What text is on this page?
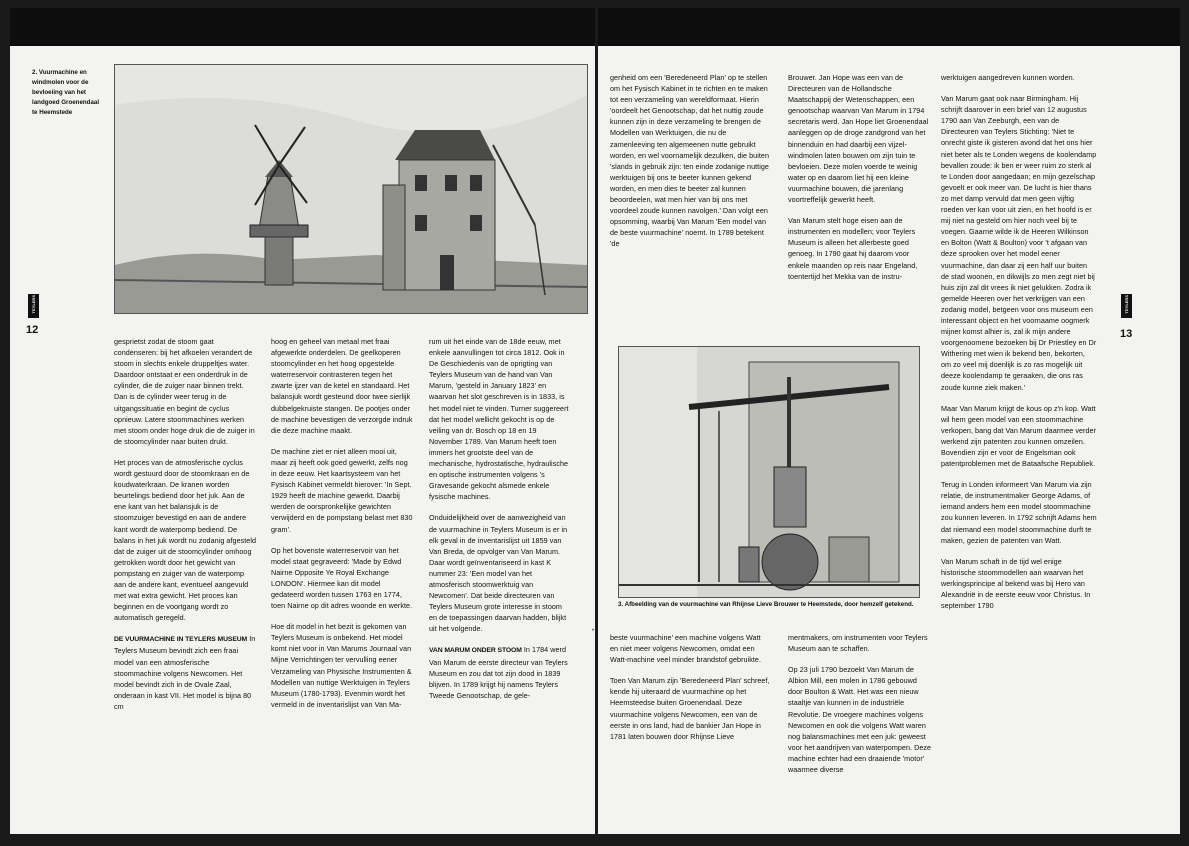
2. Vuurmachine en windmolen voor de bevloeiing van het landgoed Groenendaal te Heemstede
TEYLERS
12

gesprietst zodat de stoom gaat condenseren: bij het afkoelen verandert de stoom in slechts enkele druppeltjes water. Daardoor ontstaat er een onderdruk in de cylinder, die de zuiger naar binnen trekt. Dan is de cylinder weer terug in de uitgangssituatie en begint de cyclus opnieuw. Latere stoommachines werken met stoom onder hoge druk die de zuiger in de stoomcylinder naar buiten drukt.

Het proces van de atmosferische cyclus wordt gestuurd door de stoomkraan en de koudwaterkraan. De kranen worden beurtelings bediend door het juk. Aan de ene kant van het balansjuk is de stoomzuiger bevestigd en aan de andere kant wordt de waterpomp bediend. De balans in het juk wordt nu zodanig afgesteld dat de zuiger uit de stoomcylinder omhoog getrokken wordt door het gewicht van pompstang en zuiger van de waterpomp aan de andere kant, eventueel aangevuld met wat extra gewicht. Het proces kan beginnen en de voortgang wordt zo automatisch geregeld.

DE VUURMACHINE IN TEYLERS MUSEUM In Teylers Museum bevindt zich een fraai model van een atmosferische stoommachine volgens Newcomen. Het model bevindt zich in de Ovale Zaal, onderaan in kast VII. Het model is bijna 80 cm

hoog en geheel van metaal met fraai afgewerkte onderdelen. De geelkoperen stoomcylinder en het hoog opgestelde waterreservoir contrasteren tegen het zwarte ijzer van de ketel en standaard. Het balansjuk wordt gesteund door twee sierlijk dubbelgekruiste stangen. De pootjes onder de machine bevestigen de verzorgde indruk die deze machine maakt.

De machine ziet er niet alleen mooi uit, maar zij heeft ook goed gewerkt, zelfs nog in deze eeuw. Het kaartsysteem van het Fysisch Kabinet vermeldt hierover: 'In Sept. 1929 heeft de machine gewerkt. Daarbij werden de oorspronkelijke gewichten verwijderd en de pompstang belast met 830 gram'.

Op het bovenste waterreservoir van het model staat gegraveerd: 'Made by Edwd Nairne Opposite Ye Royal Exchange LONDON'. Hiermee kan dit model gedateerd worden tussen 1763 en 1774, toen Nairne op dit adres woonde en werkte.

Hoe dit model in het bezit is gekomen van Teylers Museum is onbekend. Het model komt niet voor in Van Marums Journaal van Mijne Verrichtingen ter vervulling eener Verzameling van Physische Instrumenten & Modellen van nuttige Werktuigen in Teylers Museum (1780-1793). Evenmin wordt het vermeld in de inventarislijst van Van Ma-

rum uit het einde van de 18de eeuw, met enkele aanvullingen tot circa 1812. Ook in De Geschiedenis van de oprigting van Teylers Museum van de hand van Van Marum, 'gesteld in January 1823' en waarvan het slot geschreven is in 1833, is het model niet te vinden. Turner suggereert dat het model wellicht gekocht is op de veiling van dr. Bosch op 18 en 19 November 1789. Van Marum heeft toen immers het grootste deel van de mechanische, hydrostatische, hydraulische en optische instrumenten volgens 's Gravesande gekocht alsmede enkele fysische machines.

Onduidelijkheid over de aanwezigheid van de vuurmachine in Teylers Museum is er in elk geval in de inventarislijst uit 1859 van Van Breda, de opvolger van Van Marum. Daar wordt geïnventariseerd in kast K nummer 23: 'Een model van het atmosferisch stoomwerktuig van Newcomen'. Dat beide directeuren van Teylers Museum grote interesse in stoom en de toepassingen daarvan hadden, blijkt uit het volgende.

VAN MARUM ONDER STOOM In 1784 werd Van Marum de eerste directeur van Teylers Museum en zou dat tot zijn dood in 1839 blijven. In 1789 krijgt hij namens Teylers Tweede Genootschap, de gele-

genheid om een 'Beredeneerd Plan' op te stellen om het Fysisch Kabinet in te richten en te maken tot een verzameling van wereldformaat. Hierin 'oordeelt het Genootschap, dat het nuttig zoude kunnen zijn in deze verzameling te brengen de Modellen van Werktuigen, die nu de zamenleeving ten algemeenen nutte gebruikt worden, en wel voornamelijk dezulken, die buiten 'slands in gebruik zijn: ten einde zodanige nuttige werktuigen bij ons te beeter kunnen gekend worden, en men dies te beeter zal kunnen beoordeelen, wat men hier van bij ons met voordeel zoude kunnen navolgen.' Dan volgt een opsomming, waarbij Van Marum 'Een model van de beste vuurmachine' noemt. In 1789 betekent 'de

Brouwer. Jan Hope was een van de Directeuren van de Hollandsche Maatschappij der Wetenschappen, een genootschap waarvan Van Marum in 1794 secretaris werd. Jan Hope liet Groenendaal aanleggen op de droge zandgrond van het binnenduin en had daarbij een vijzel-windmolen laten bouwen om zijn tuin te bevloeien. Deze molen voerde te weinig water op en daarom liet hij een kleine vuurmachine bouwen, die jarenlang voortreffelijk gewerkt heeft.

Van Marum stelt hoge eisen aan de instrumenten en modellen; voor Teylers Museum is alleen het allerbeste goed genoeg. In 1790 gaat hij daarom voor enkele maanden op reis naar Engeland, toentertijd het Mekka van de instru-

3. Afbeelding van de vuurmachine van Rhijnse Lieve Brouwer te Heemstede, door hemzelf getekend.
•

beste vuurmachine' een machine volgens Watt en niet meer volgens Newcomen, omdat een Watt-machine veel minder brandstof gebruikte.

Toen Van Marum zijn 'Beredeneerd Plan' schreef, kende hij uiteraard de vuurmachine op het Heemsteedse buiten Groenendaal. Deze vuurmachine volgens Newcomen, een van de eerste in ons land, had de bankier Jan Hope in 1781 laten bouwen door Rhijnse Lieve

mentmakers, om instrumenten voor Teylers Museum aan te schaffen.

Op 23 juli 1790 bezoekt Van Marum de Albion Mill, een molen in 1786 gebouwd door Boulton & Watt. Het was een nieuw staaltje van kunnen in de industriële Revolutie. De vroegere machines volgens Newcomen en ook die volgens Watt waren nog balansmachines met een juk: geweest voor het aandrijven van waterpompen. Deze machine echter had een draaiende 'motor' waarmee diverse

werktuigen aangedreven kunnen worden.

Van Marum gaat ook naar Birmingham. Hij schrijft daarover in een brief van 12 augustus 1790 aan Van Zeeburgh, een van de Directeuren van Teylers Stichting: 'Niet te onrecht giste ik gisteren avond dat het ons hier niet beter als te Londen wegens de koolendamp bevallen zoude: ik ben er weer ruim zo sterk al te Londen door aangedaan; en mijn gezelschap gevoelt er ook meer van. De lucht is hier thans zo met damp vervuld dat men geen vijftig roeden ver kan voor uit zien, en het hoofd is er mij niet na gesteld om hier noch veel bij te voegen. Gaarne wilde ik de Heeren Wilkinson en Bolton (Watt & Boulton) voor 't afgaan van deze sprooken over het model eener vuurmachine, dan daar zij een half uur buiten de stad woonen, en dikwijls zo men zegt niet bij huis zijn zal dit vrees ik niet gelukken. Zodra ik gemelde Heeren over het verkrijgen van een zodanig model, betgeen voor ons museum een interessant object en het voornaame oogmerk mijner komst alhier is, zal ik mijn andere voorgenoomene bezoeken bij Dr Priestley en Dr Withering met wien ik bekend ben, bekorten, om zo veel mij doenlijk is zo ras mogelijk uit deeze koolendamp te geraaken, die ons ras zoude kunne ziek maken.'

Maar Van Marum krijgt de kous op z'n kop. Watt wil hem geen model van een stoommachine verkopen, bang dat Van Marum daarmee verder werkend zijn patenten zou kunnen omzeilen. Bovendien zijn er voor de Engelsman ook patentproblemen met de Bataafsche Republiek.

Terug in Londen informeert Van Marum via zijn relatie, de instrumentmaker George Adams, of iemand anders hem een model stoommachine zou kunnen leveren. In 1792 schrijft Adams hem dat niemand een model stoommachine durft te maken, gezien de patenten van Watt.

Van Marum schaft in de tijd wel enige historische stoommodellen aan waarvan het werkingsprincipe al bekend was bij Hero van Alexandrië in de eerste eeuw voor Christus. In september 1790

TEYLERS
13
